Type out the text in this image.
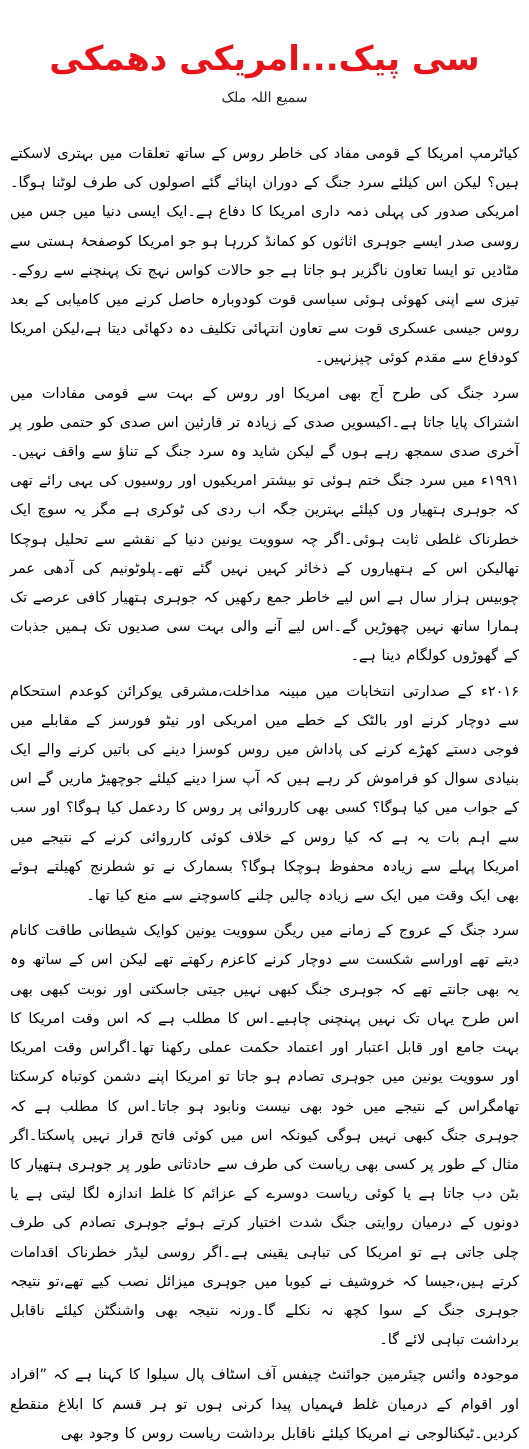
سی پیک...امریکی دھمکی
سمیع اللہ ملک

کیاٹرمپ امریکا کے قومی مفاد کی خاطر روس کے ساتھ تعلقات میں بہتری لاسکتے ہیں؟ لیکن اس کیلئے سرد جنگ کے دوران اپنائے گئے اصولوں کی طرف لوٹنا ہوگا۔امریکی صدور کی پہلی ذمہ داری امریکا کا دفاع ہے۔ایک ایسی دنیا میں جس میں روسی صدر ایسے جوہری اثاثوں کو کمانڈ کررہا ہو جو امریکا کوصفحۂ ہستی سے مٹادیں تو ایسا تعاون ناگزیر ہو جاتا ہے جو حالات کواس نہج تک پہنچنے سے روکے۔تیزی سے اپنی کھوئی ہوئی سیاسی قوت کودوبارہ حاصل کرنے میں کامیابی کے بعد روس جیسی عسکری قوت سے تعاون انتہائی تکلیف دہ دکھائی دیتا ہے،لیکن امریکا کودفاع سے مقدم کوئی چیزنہیں۔

سرد جنگ کی طرح آج بھی امریکا اور روس کے بہت سے قومی مفادات میں اشتراک پایا جاتا ہے۔اکیسویں صدی کے زیادہ تر قارئین اس صدی کو حتمی طور پر آخری صدی سمجھ رہے ہوں گے لیکن شاید وہ سرد جنگ کے تناؤ سے واقف نہیں۔۱۹۹۱ء میں سرد جنگ ختم ہوئی تو بیشتر امریکیوں اور روسیوں کی یہی رائے تھی کہ جوہری ہتھیار وں کیلئے بہترین جگہ اب ردی کی ٹوکری ہے مگر یہ سوچ ایک خطرناک غلطی ثابت ہوئی۔اگر چہ سوویت یونین دنیا کے نقشے سے تحلیل ہوچکا تھالیکن اس کے ہتھیاروں کے ذخائر کہیں نہیں گئے تھے۔پلوٹونیم کی آدھی عمر چوبیس ہزار سال ہے اس لیے خاطر جمع رکھیں کہ جوہری ہتھیار کافی عرصے تک ہمارا ساتھ نہیں چھوڑیں گے۔اس لیے آنے والی بہت سی صدیوں تک ہمیں جذبات کے گھوڑوں کولگام دینا ہے۔

۲۰۱۶ء کے صدارتی انتخابات میں مبینہ مداخلت،مشرقی یوکرائن کوعدم استحکام سے دوچار کرنے اور بالٹک کے خطے میں امریکی اور نیٹو فورسز کے مقابلے میں فوجی دستے کھڑے کرنے کی پاداش میں روس کوسزا دینے کی باتیں کرنے والے ایک بنیادی سوال کو فراموش کر رہے ہیں کہ آپ سزا دینے کیلئے جوچھیڑ ماریں گے اس کے جواب میں کیا ہوگا؟ کسی بھی کارروائی پر روس کا ردعمل کیا ہوگا؟ اور سب سے اہم بات یہ ہے کہ کیا روس کے خلاف کوئی کارروائی کرنے کے نتیجے میں امریکا پہلے سے زیادہ محفوظ ہوچکا ہوگا؟ بسمارک نے تو شطرنج کھیلتے ہوئے بھی ایک وقت میں ایک سے زیادہ چالیں چلنے کاسوچنے سے منع کیا تھا۔

سرد جنگ کے عروج کے زمانے میں ریگن سوویت یونین کوایک شیطانی طاقت کانام دیتے تھے اوراسے شکست سے دوچار کرنے کاعزم رکھتے تھے لیکن اس کے ساتھ وہ یہ بھی جانتے تھے کہ جوہری جنگ کبھی نہیں جیتی جاسکتی اور نوبت کبھی بھی اس طرح یہاں تک نہیں پہنچنی چاہیے۔اس کا مطلب ہے کہ اس وقت امریکا کا بہت جامع اور قابل اعتبار اور اعتماد حکمت عملی رکھنا تھا۔اگراس وقت امریکا اور سوویت یونین میں جوہری تصادم ہو جاتا تو امریکا اپنے دشمن کوتباہ کرسکتا تھامگراس کے نتیجے میں خود بھی نیست ونابود ہو جاتا۔اس کا مطلب ہے کہ جوہری جنگ کبھی نہیں ہوگی کیونکہ اس میں کوئی فاتح قرار نہیں پاسکتا۔اگر مثال کے طور پر کسی بھی ریاست کی طرف سے حادثاتی طور پر جوہری ہتھیار کا بٹن دب جاتا ہے یا کوئی ریاست دوسرے کے عزائم کا غلط اندازہ لگا لیتی ہے یا دونوں کے درمیان روایتی جنگ شدت اختیار کرتے ہوئے جوہری تصادم کی طرف چلی جاتی ہے تو امریکا کی تباہی یقینی ہے۔اگر روسی لیڈر خطرناک اقدامات کرتے ہیں،جیسا کہ خروشیف نے کیوبا میں جوہری میزائل نصب کیے تھے،تو نتیجہ جوہری جنگ کے سوا کچھ نہ نکلے گا۔ورنہ نتیجہ بھی واشنگٹن کیلئے ناقابل برداشت تباہی لائے گا۔

موجودہ وائس چیئرمین جوائنٹ چیفس آف اسٹاف پال سیلوا کا کہنا ہے کہ ”افراد اور اقوام کے درمیان غلط فہمیاں پیدا کرنی ہوں تو ہر قسم کا ابلاغ منقطع کردیں۔ٹیکنالوجی نے امریکا کیلئے ناقابل برداشت ریاست روس کا وجود بھی
